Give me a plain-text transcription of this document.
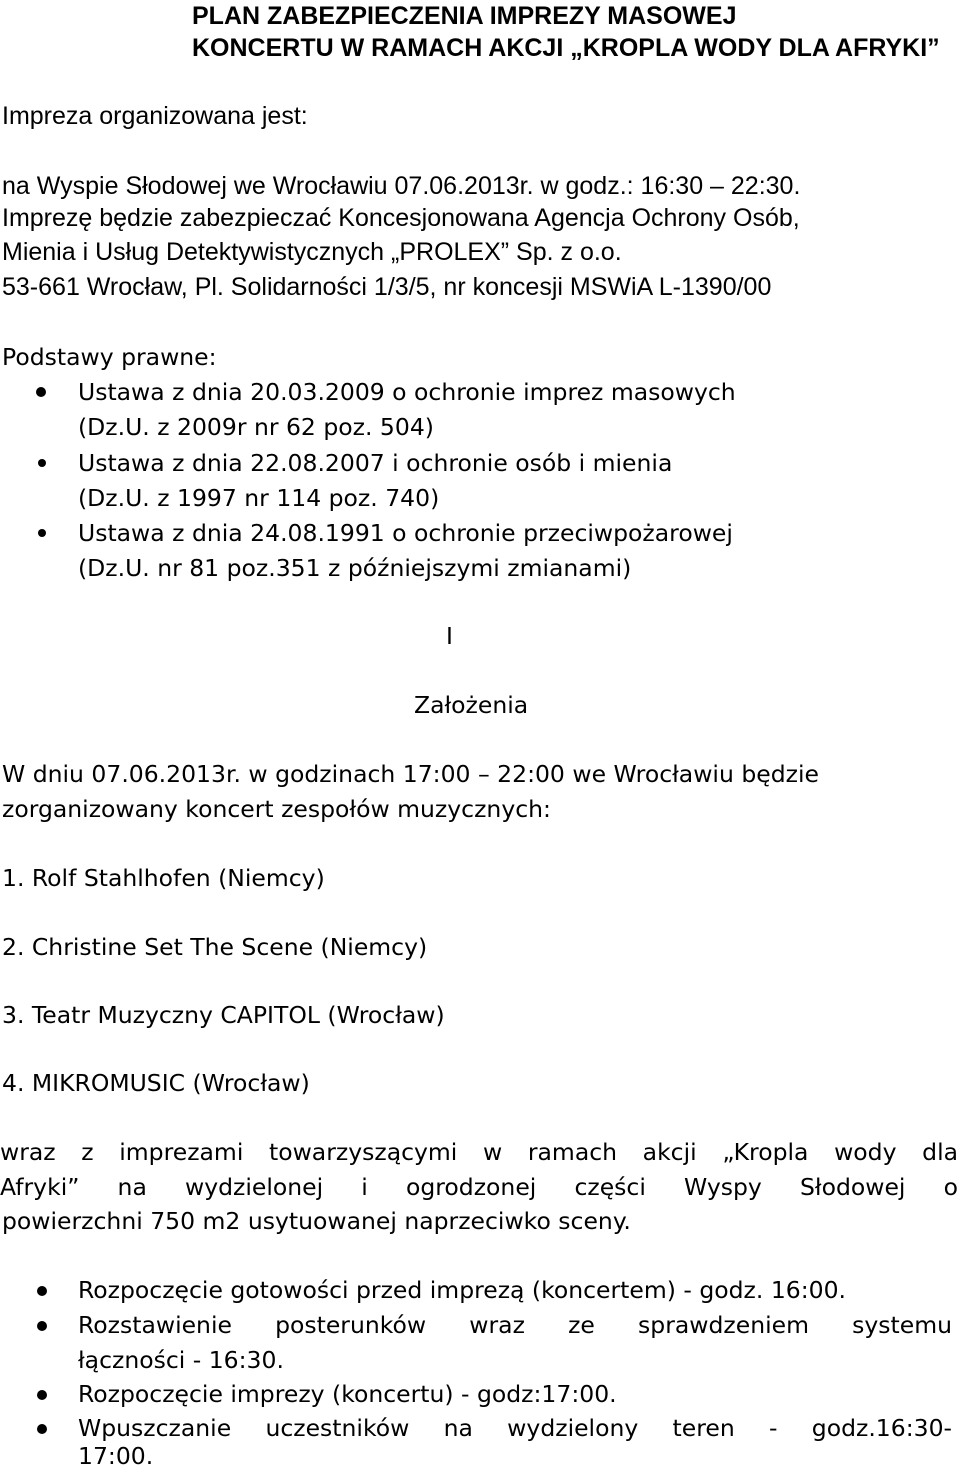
PLAN ZABEZPIECZENIA IMPREZY MASOWEJ
KONCERTU W RAMACH AKCJI „KROPLA WODY DLA AFRYKI”
Impreza organizowana jest:
na Wyspie Słodowej we Wrocławiu 07.06.2013r. w godz.: 16:30 – 22:30.
Imprezę będzie zabezpieczać Koncesjonowana Agencja Ochrony Osób,
Mienia i Usług Detektywistycznych „PROLEX” Sp. z o.o.
53-661 Wrocław, Pl. Solidarności 1/3/5, nr koncesji MSWiA L-1390/00
Podstawy prawne:
Ustawa z dnia 20.03.2009 o ochronie imprez masowych
(Dz.U. z 2009r nr 62 poz. 504)
Ustawa z dnia 22.08.2007 i ochronie osób i mienia
(Dz.U. z 1997 nr 114 poz. 740)
Ustawa z dnia 24.08.1991 o ochronie przeciwpożarowej
(Dz.U. nr 81 poz.351 z późniejszymi zmianami)
I
Założenia
W dniu 07.06.2013r. w godzinach 17:00 – 22:00 we Wrocławiu będzie
zorganizowany koncert zespołów muzycznych:
1. Rolf Stahlhofen (Niemcy)
2. Christine Set The Scene (Niemcy)
3. Teatr Muzyczny CAPITOL (Wrocław)
4. MIKROMUSIC (Wrocław)
wraz z imprezami towarzyszącymi w ramach akcji „Kropla wody dla
Afryki” na wydzielonej i ogrodzonej części Wyspy Słodowej o
powierzchni 750 m2 usytuowanej naprzeciwko sceny.
Rozpoczęcie gotowości przed imprezą (koncertem) - godz. 16:00.
Rozstawienie posterunków wraz ze sprawdzeniem systemu
łączności - 16:30.
Rozpoczęcie imprezy (koncertu) - godz:17:00.
Wpuszczanie uczestników na wydzielony teren - godz.16:30-
17:00.
